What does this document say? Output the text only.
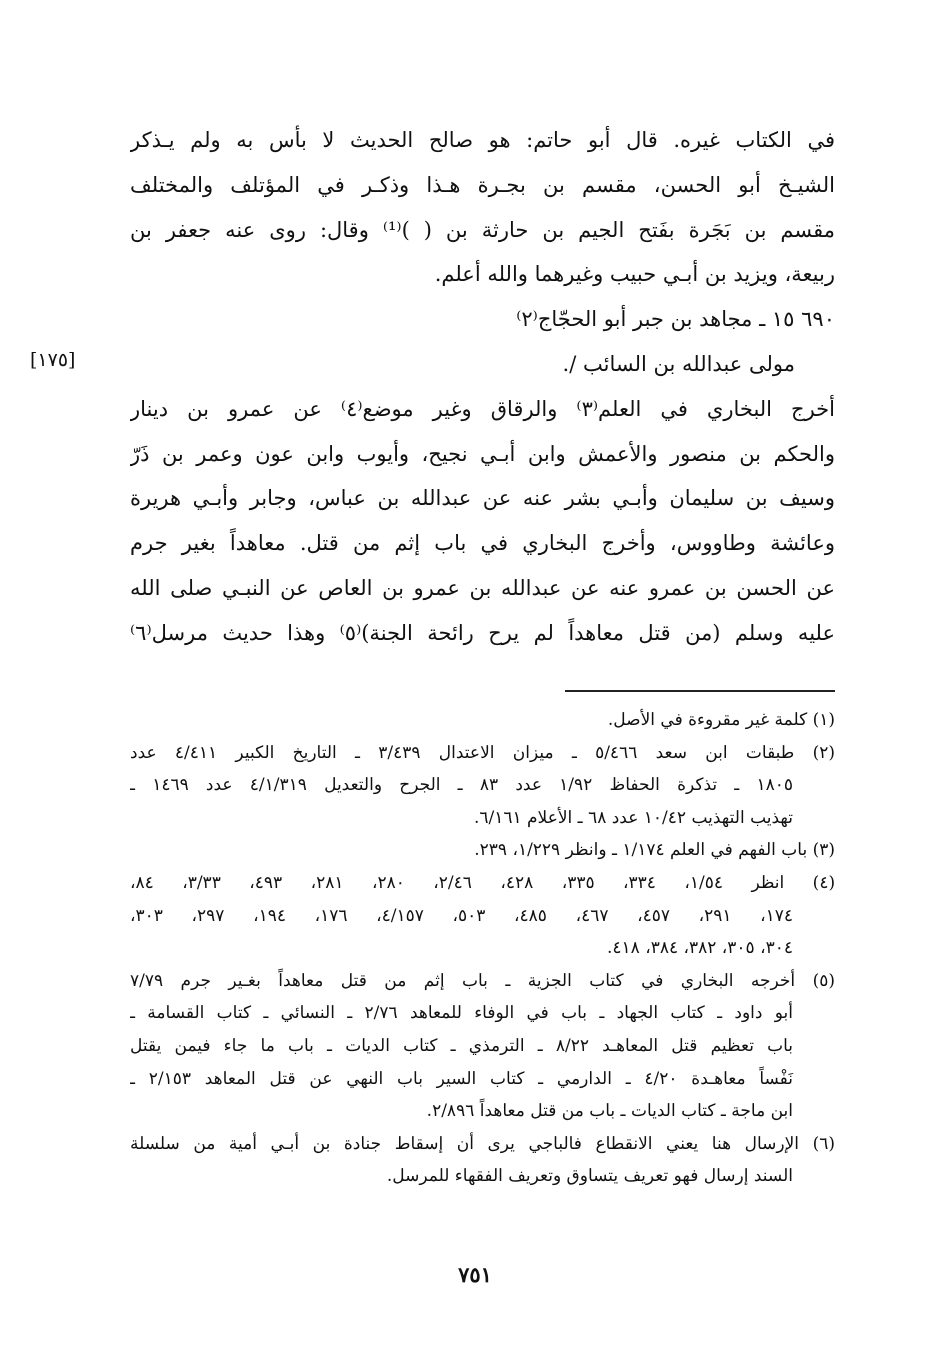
[١٧٥]
في الكتاب غيره. قال أبو حاتم: هو صالح الحديث لا بأس به ولم يـذكر
الشيـخ أبو الحسن، مقسم بن بجـرة هـذا وذكـر في المؤتلف والمختلف
مقسم بن بَجَرة بفَتح الجيم بن حارثة بن ( )⁽¹⁾ وقال: روى عنه جعفر بن
ربيعة، ويزيد بن أبـي حبيب وغيرهما والله أعلم.
٦٩٠ ١٥ ـ مجاهد بن جبر أبو الحجّاج⁽٢⁾
مولى عبدالله بن السائب /.
أخرج البخاري في العلم⁽٣⁾ والرقاق وغير موضع⁽٤⁾ عن عمرو بن دينار
والحكم بن منصور والأعمش وابن أبـي نجيح، وأيوب وابن عون وعمر بن ذَرّ
وسيف بن سليمان وأبـي بشر عنه عن عبدالله بن عباس، وجابر وأبـي هريرة
وعائشة وطاووس، وأخرج البخاري في باب إثم من قتل. معاهداً بغير جرم
عن الحسن بن عمرو عنه عن عبدالله بن عمرو بن العاص عن النبـي صلى الله
عليه وسلم (من قتل معاهداً لم يرح رائحة الجنة)⁽٥⁾ وهذا حديث مرسل⁽٦⁾
(١) كلمة غير مقروءة في الأصل.
(٢) طبقات ابن سعد ٥/٤٦٦ ـ ميزان الاعتدال ٣/٤٣٩ ـ التاريخ الكبير ٤/٤١١ عدد
١٨٠٥ ـ تذكرة الحفاظ ١/٩٢ عدد ٨٣ ـ الجرح والتعديل ٤/١/٣١٩ عدد ١٤٦٩ ـ
تهذيب التهذيب ١٠/٤٢ عدد ٦٨ ـ الأعلام ٦/١٦١.
(٣) باب الفهم في العلم ١/١٧٤ ـ وانظر ١/٢٢٩، ٢٣٩.
(٤) انظر ١/٥٤، ٣٣٤، ٣٣٥، ٤٢٨، ٢/٤٦، ٢٨٠، ٢٨١، ٤٩٣، ٣/٣٣، ٨٤،
١٧٤، ٢٩١، ٤٥٧، ٤٦٧، ٤٨٥، ٥٠٣، ٤/١٥٧، ١٧٦، ١٩٤، ٢٩٧، ٣٠٣،
٣٠٤، ٣٠٥، ٣٨٢، ٣٨٤، ٤١٨.
(٥) أخرجه البخاري في كتاب الجزية ـ باب إثم من قتل معاهداً بغـير جرم ٧/٧٩
أبو داود ـ كتاب الجهاد ـ باب في الوفاء للمعاهد ٢/٧٦ ـ النسائي ـ كتاب القسامة ـ
باب تعظيم قتل المعاهـد ٨/٢٢ ـ الترمذي ـ كتاب الديات ـ باب ما جاء فيمن يقتل
نَفْساً معاهـدة ٤/٢٠ ـ الدارمي ـ كتاب السير باب النهي عن قتل المعاهد ٢/١٥٣ ـ
ابن ماجة ـ كتاب الديات ـ باب من قتل معاهداً ٢/٨٩٦.
(٦) الإرسال هنا يعني الانقطاع فالباجي يرى أن إسقاط جنادة بن أبـي أمية من سلسلة
السند إرسال فهو تعريف يتساوق وتعريف الفقهاء للمرسل.
٧٥١
